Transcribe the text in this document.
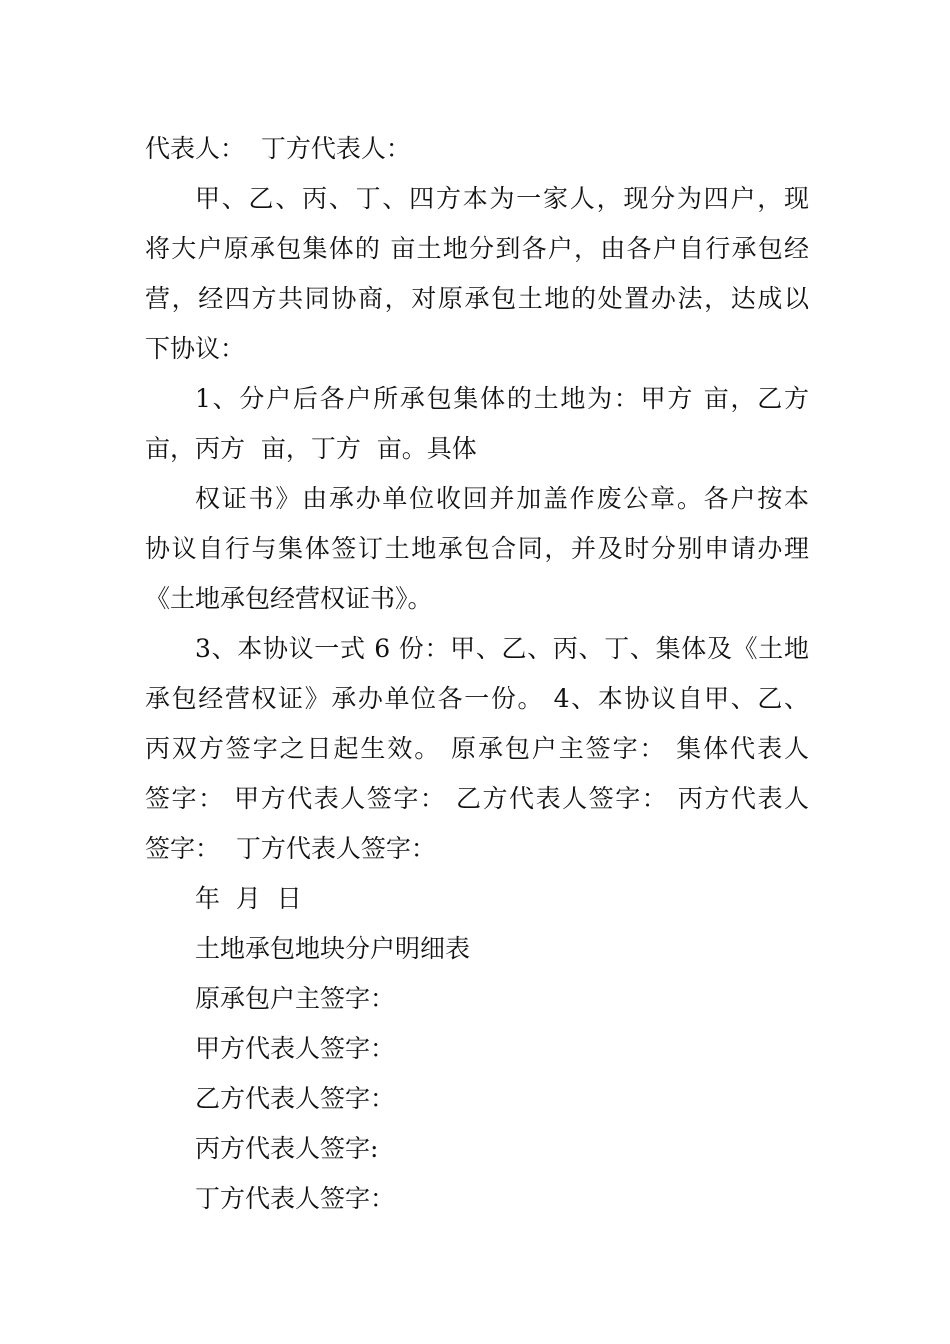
代表人：  丁方代表人：
甲、乙、丙、丁、四方本为一家人，现分为四户，现
将大户原承包集体的 亩土地分到各户，由各户自行承包经
营，经四方共同协商，对原承包土地的处置办法，达成以
下协议：
1、分户后各户所承包集体的土地为：甲方 亩，乙方
亩，丙方  亩，丁方  亩。具体
权证书》由承办单位收回并加盖作废公章。各户按本
协议自行与集体签订土地承包合同，并及时分别申请办理
《土地承包经营权证书》。
3、本协议一式 6 份：甲、乙、丙、丁、集体及《土地
承包经营权证》承办单位各一份。 4、本协议自甲、乙、
丙双方签字之日起生效。 原承包户主签字： 集体代表人
签字： 甲方代表人签字： 乙方代表人签字： 丙方代表人
签字：  丁方代表人签字：
年  月  日
土地承包地块分户明细表
原承包户主签字：
甲方代表人签字：
乙方代表人签字：
丙方代表人签字:
丁方代表人签字：
